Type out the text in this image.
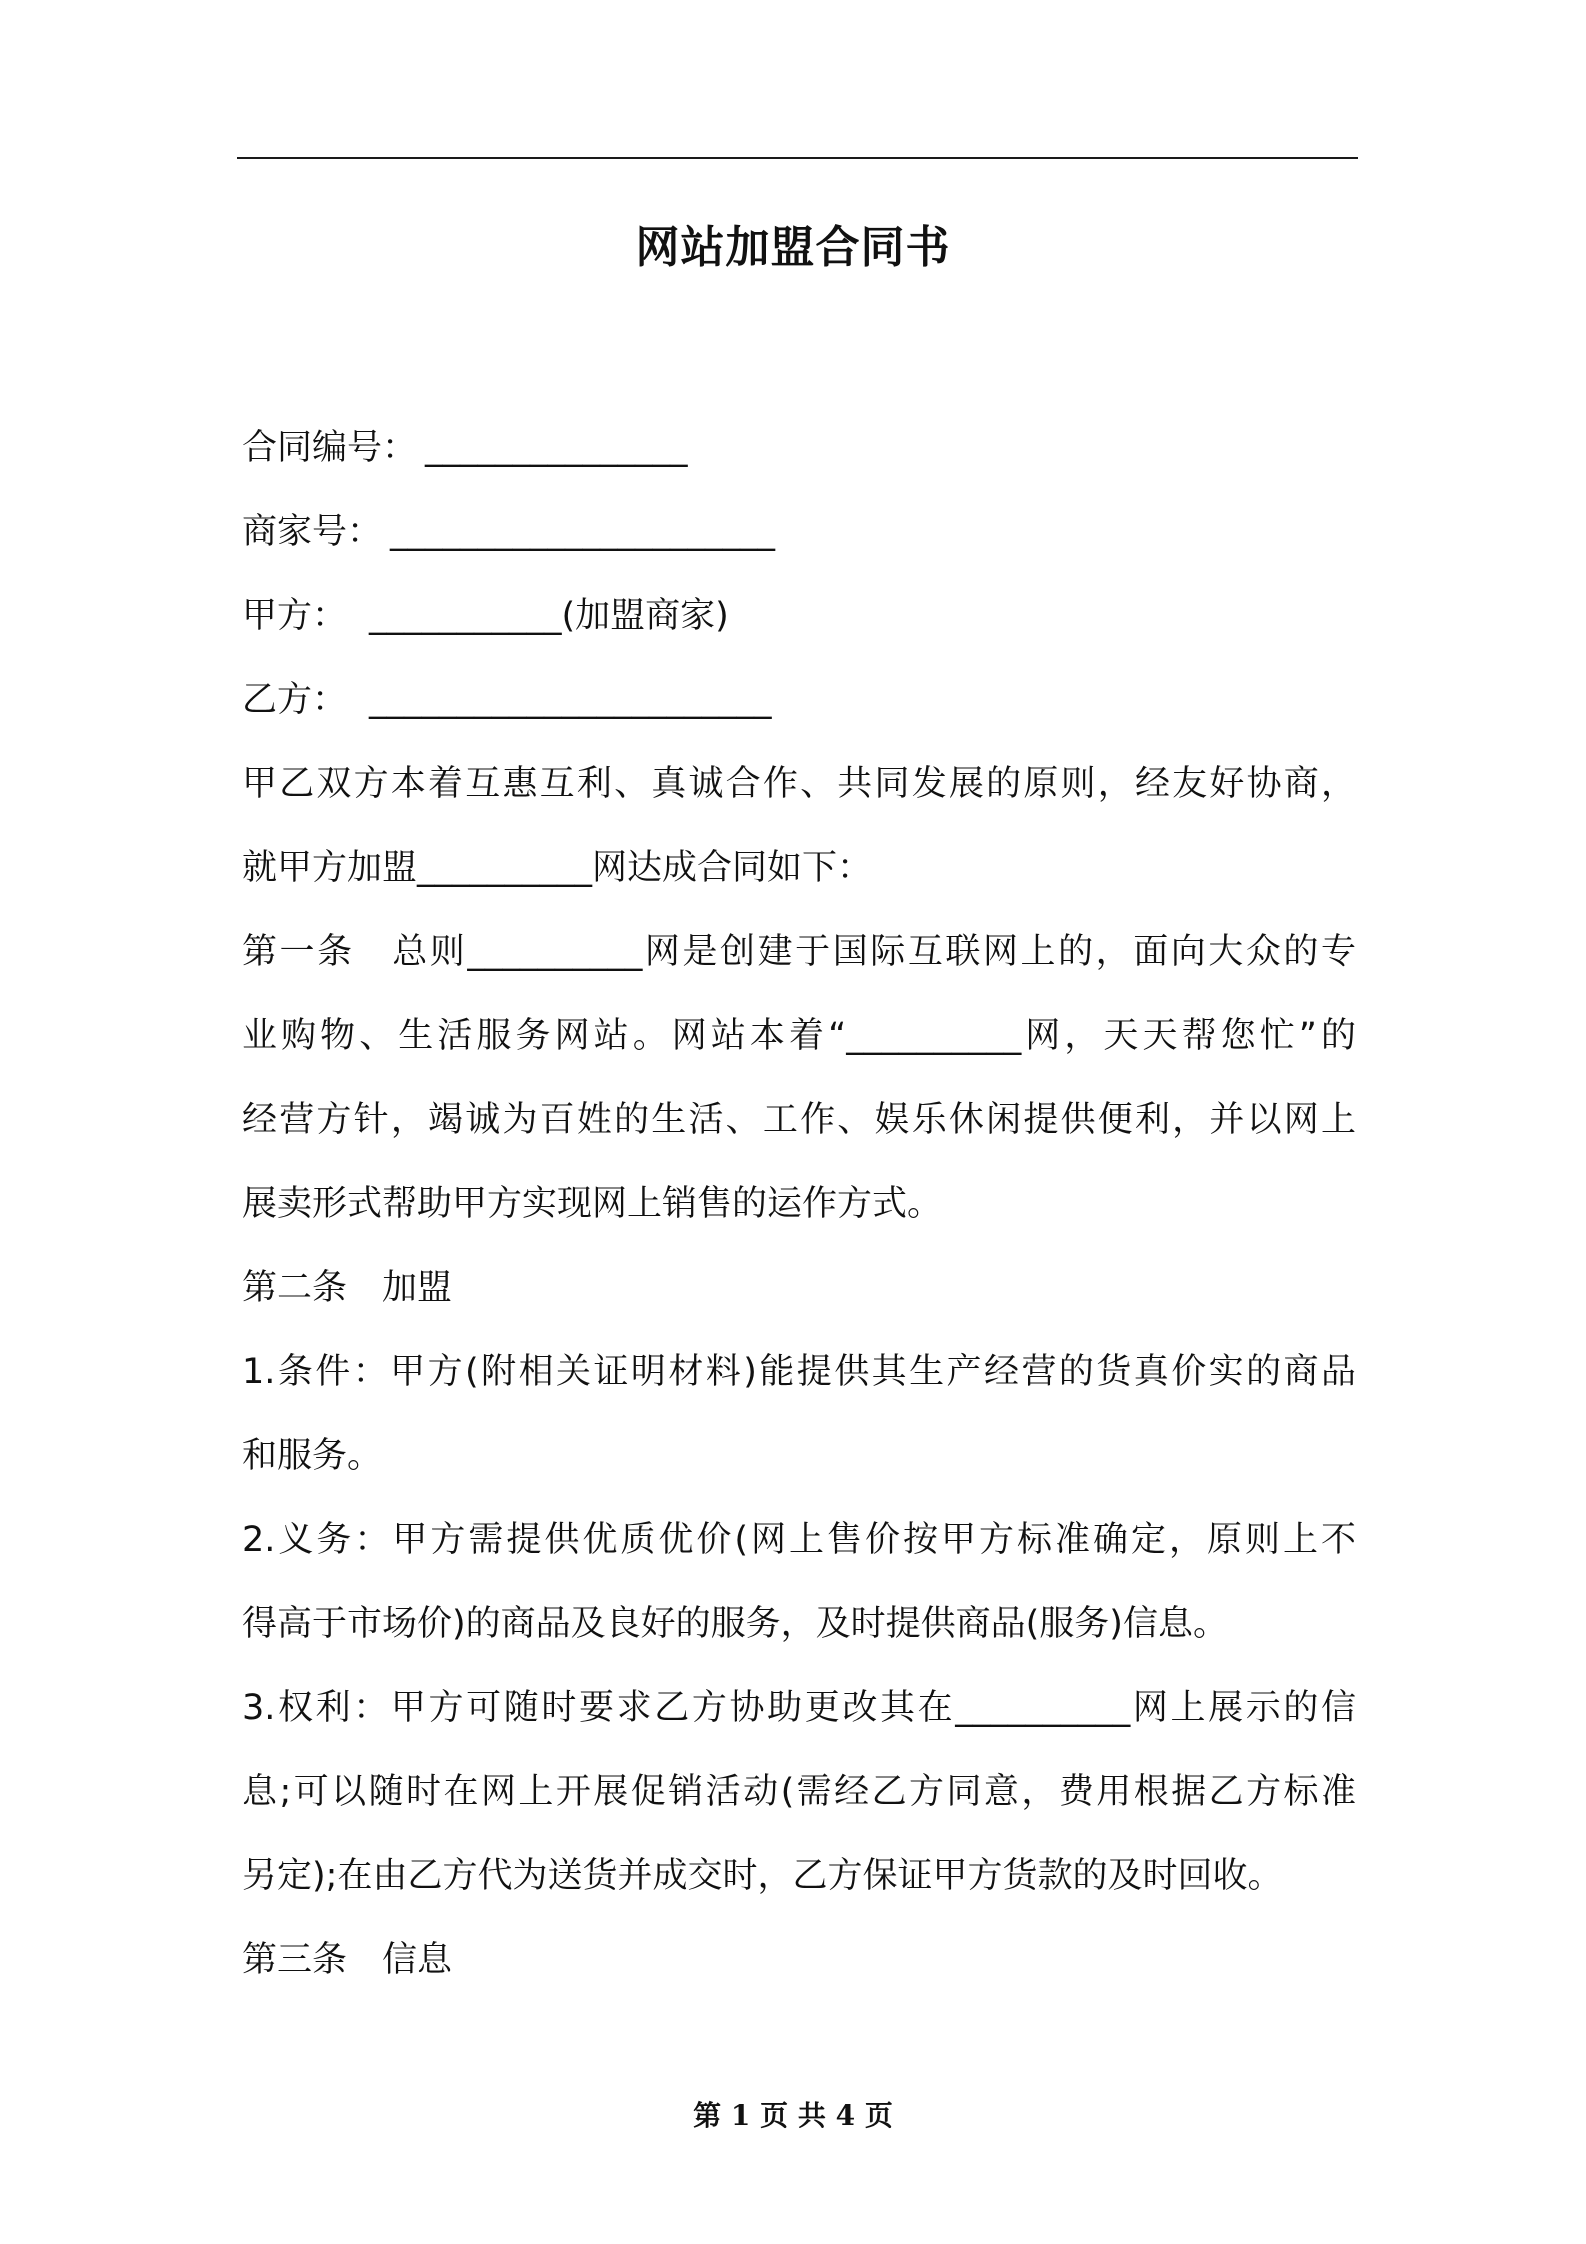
网站加盟合同书
合同编号： _______________
商家号： ______________________
甲方： ___________(加盟商家)
乙方： _______________________
甲乙双方本着互惠互利、真诚合作、共同发展的原则，经友好协商，
就甲方加盟__________网达成合同如下：
第一条　总则__________网是创建于国际互联网上的，面向大众的专
业购物、生活服务网站。网站本着“__________网，天天帮您忙”的
经营方针，竭诚为百姓的生活、工作、娱乐休闲提供便利，并以网上
展卖形式帮助甲方实现网上销售的运作方式。
第二条　加盟
1.条件：甲方(附相关证明材料)能提供其生产经营的货真价实的商品
和服务。
2.义务：甲方需提供优质优价(网上售价按甲方标准确定，原则上不
得高于市场价)的商品及良好的服务，及时提供商品(服务)信息。
3.权利：甲方可随时要求乙方协助更改其在__________网上展示的信
息;可以随时在网上开展促销活动(需经乙方同意，费用根据乙方标准
另定);在由乙方代为送货并成交时，乙方保证甲方货款的及时回收。
第三条　信息
第 1 页 共 4 页
